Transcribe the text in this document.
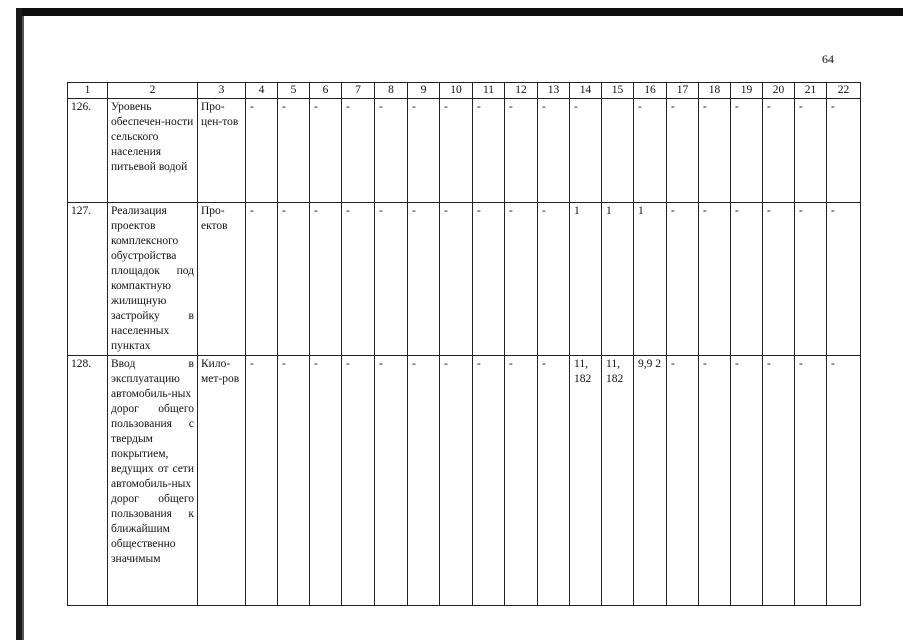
64
1	2	3	4	5	6	7	8	9	10	11	12	13	14	15	16	17	18	19	20	21	22
126.	Уровень обеспечен-ности сельского населения питьевой водой	Про-цен-тов	-	-	-	-	-	-	-	-	-	-	-		-	-	-	-	-	-	-
127.	Реализация проектов комплексного обустройства площадок под компактную жилищную застройку в населенных пунктах	Про-ектов	-	-	-	-	-	-	-	-	-	-	1	1	1	-	-	-	-	-	-
128.	Ввод в эксплуатацию автомобиль-ных дорог общего пользования с твердым покрытием, ведущих от сети автомобиль-ных дорог общего пользования к ближайшим общественно значимым	Кило-мет-ров	-	-	-	-	-	-	-	-	-	-	11, 182	11, 182	9,9 2	-	-	-	-	-	-
